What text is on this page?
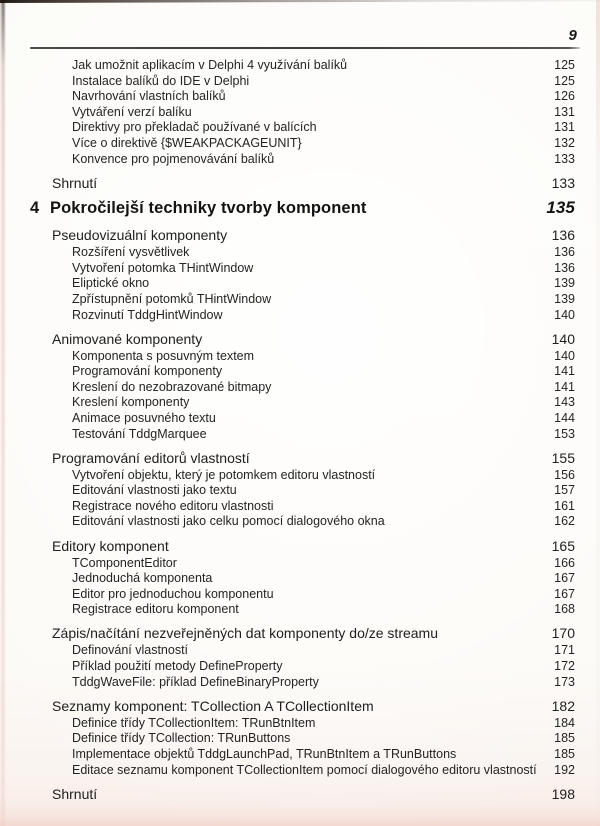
9
Jak umožnit aplikacím v Delphi 4 využívání balíků	125
Instalace balíků do IDE v Delphi	125
Navrhování vlastních balíků	126
Vytváření verzí balíku	131
Direktivy pro překladač používané v balících	131
Více o direktivě {$WEAKPACKAGEUNIT}	132
Konvence pro pojmenovávání balíků	133
Shrnutí	133
4 Pokročilejší techniky tvorby komponent	135
Pseudovizuální komponenty	136
Rozšíření vysvětlivek	136
Vytvoření potomka THintWindow	136
Eliptické okno	139
Zpřístupnění potomků THintWindow	139
Rozvinutí TddgHintWindow	140
Animované komponenty	140
Komponenta s posuvným textem	140
Programování komponenty	141
Kreslení do nezobrazované bitmapy	141
Kreslení komponenty	143
Animace posuvného textu	144
Testování TddgMarquee	153
Programování editorů vlastností	155
Vytvoření objektu, který je potomkem editoru vlastností	156
Editování vlastnosti jako textu	157
Registrace nového editoru vlastnosti	161
Editování vlastnosti jako celku pomocí dialogového okna	162
Editory komponent	165
TComponentEditor	166
Jednoduchá komponenta	167
Editor pro jednoduchou komponentu	167
Registrace editoru komponent	168
Zápis/načítání nezveřejněných dat komponenty do/ze streamu	170
Definování vlastností	171
Příklad použití metody DefineProperty	172
TddgWaveFile: příklad DefineBinaryProperty	173
Seznamy komponent: TCollection A TCollectionItem	182
Definice třídy TCollectionItem: TRunBtnItem	184
Definice třídy TCollection: TRunButtons	185
Implementace objektů TddgLaunchPad, TRunBtnItem a TRunButtons	185
Editace seznamu komponent TCollectionItem pomocí dialogového editoru vlastností	192
Shrnutí	198
